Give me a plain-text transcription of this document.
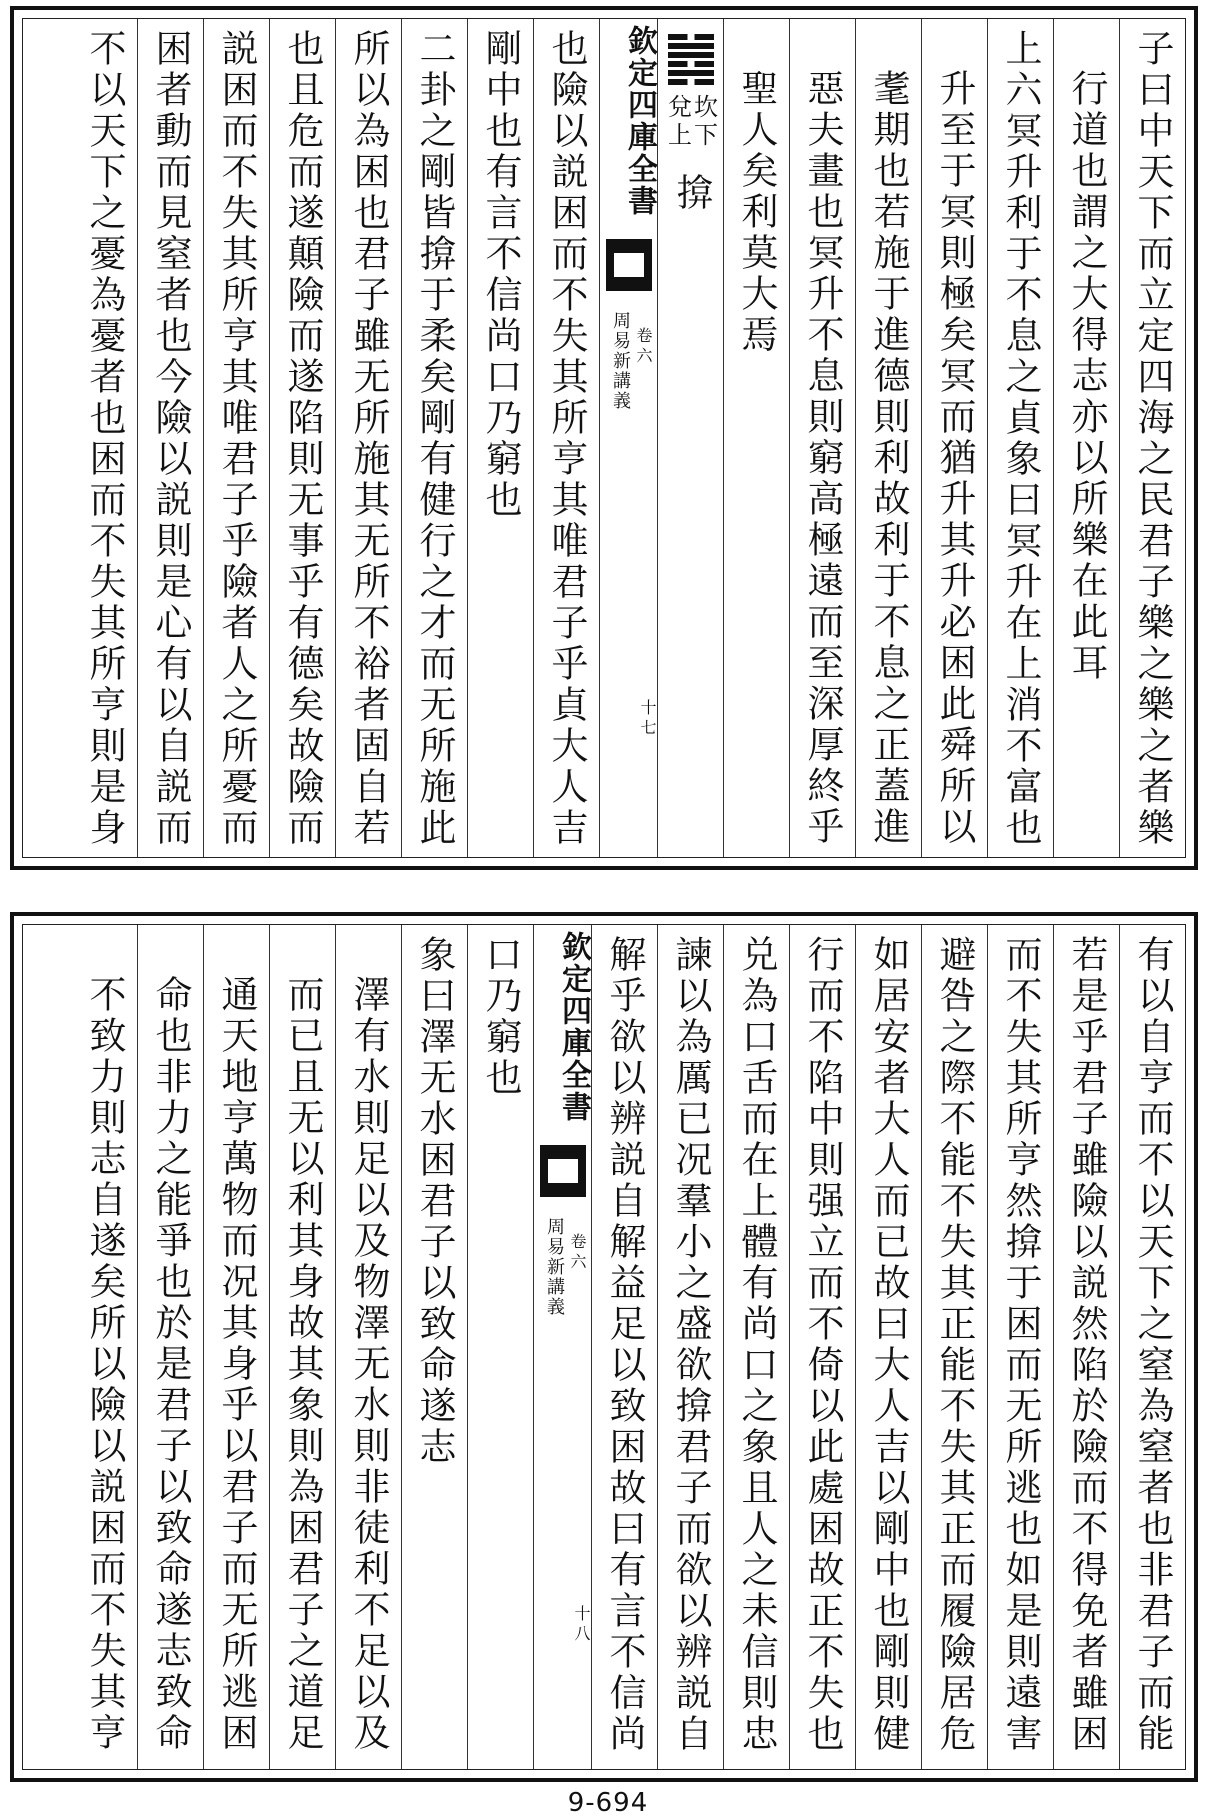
子曰中天下而立定四海之民君子樂之樂之者樂
行道也謂之大得志亦以所樂在此耳
上六冥升利于不息之貞象曰冥升在上消不富也
升至于冥則極矣冥而猶升其升必困此舜所以
耄期也若施于進德則利故利于不息之正蓋進
惡夫畫也冥升不息則窮高極遠而至深厚終乎
聖人矣利莫大焉
坎下
兌上
揜
欽定四庫全書
周易新講義 卷六
十七
也險以説困而不失其所亨其唯君子乎貞大人吉
剛中也有言不信尚口乃窮也
二卦之剛皆揜于柔矣剛有健行之才而无所施此
所以為困也君子雖无所施其无所不裕者固自若
也且危而遂顛險而遂陷則无事乎有德矣故險而
説困而不失其所亨其唯君子乎險者人之所憂而
困者動而見窒者也今險以説則是心有以自説而
不以天下之憂為憂者也困而不失其所亨則是身
有以自亨而不以天下之窒為窒者也非君子而能
若是乎君子雖險以説然陷於險而不得免者雖困
而不失其所亨然揜于困而无所逃也如是則遠害
避咎之際不能不失其正能不失其正而履險居危
如居安者大人而已故曰大人吉以剛中也剛則健
行而不陷中則强立而不倚以此處困故正不失也
兑為口舌而在上體有尚口之象且人之未信則忠
諫以為厲已况羣小之盛欲揜君子而欲以辨説自
解乎欲以辨説自解益足以致困故曰有言不信尚
欽定四庫全書
周易新講義 卷六
十八
口乃窮也
象曰澤无水困君子以致命遂志
澤有水則足以及物澤无水則非徒利不足以及
而已且无以利其身故其象則為困君子之道足
通天地亨萬物而况其身乎以君子而无所逃困
命也非力之能爭也於是君子以致命遂志致命
不致力則志自遂矣所以險以説困而不失其亨
9-694
